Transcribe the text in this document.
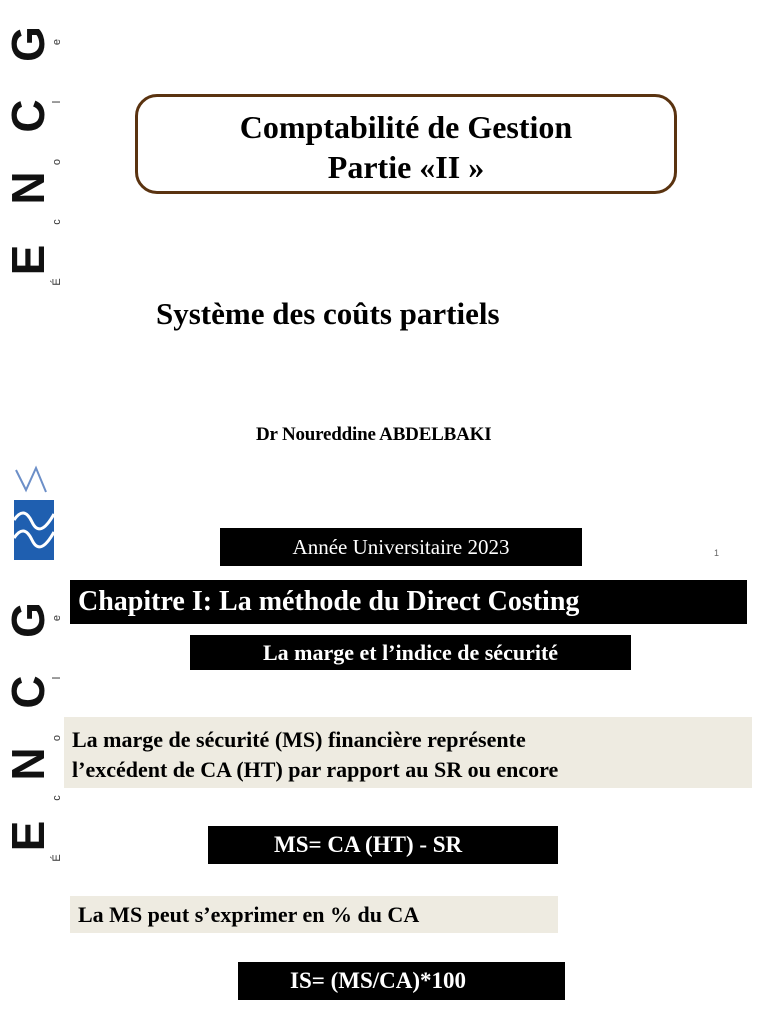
G
C
N
E
e
l
o
c
É
Comptabilité de Gestion
Partie «II »
Système des coûts partiels
Dr Noureddine ABDELBAKI
Année Universitaire 2023	1
G
C
N
E
e
l
o
c
É
Chapitre I: La méthode du Direct Costing
La marge et l’indice de sécurité
La marge de sécurité (MS) financière représente
l’excédent de CA (HT) par rapport au SR ou encore
MS= CA (HT) - SR
La MS peut s’exprimer en % du CA
IS= (MS/CA)*100
